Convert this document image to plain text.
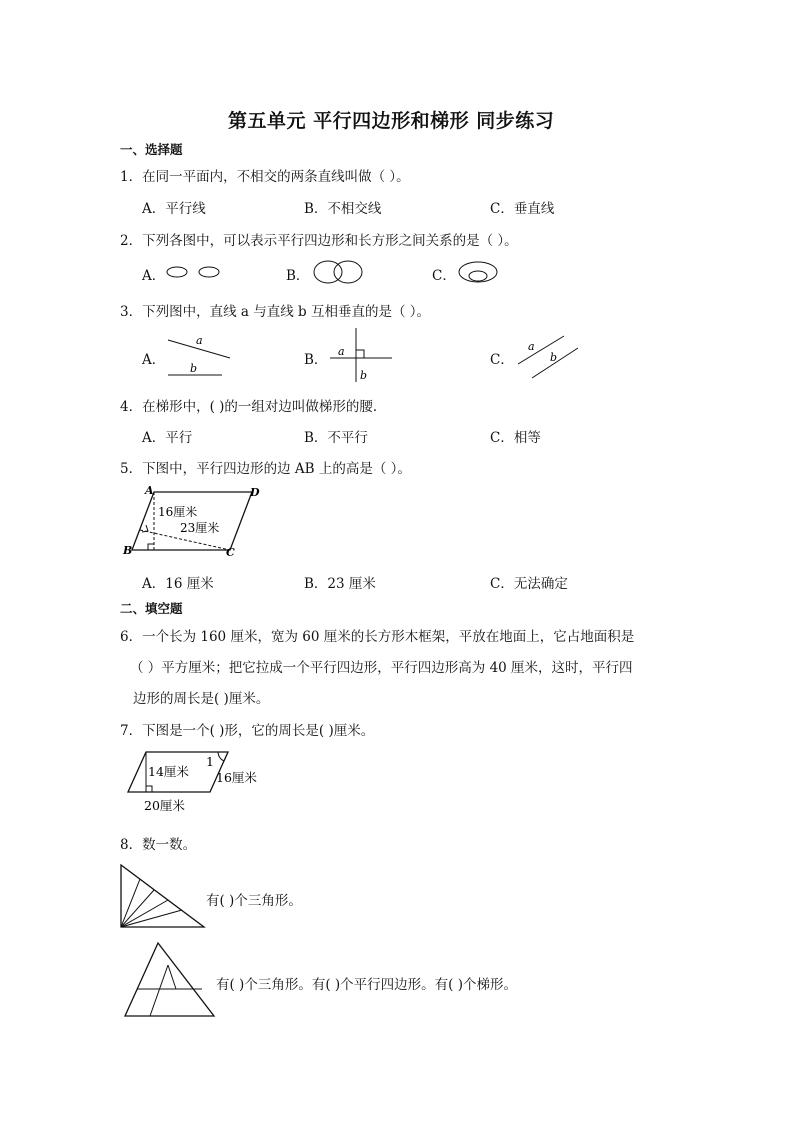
第五单元 平行四边形和梯形 同步练习
一、选择题
1．在同一平面内，不相交的两条直线叫做（ ）。
A．平行线	B．不相交线	C．垂直线
2．下列各图中，可以表示平行四边形和长方形之间关系的是（ ）。
A．	B．	C．
3．下列图中，直线 a 与直线 b 互相垂直的是（ ）。
A．
a
b
B．
a
b
C．
a
b
4．在梯形中，( )的一组对边叫做梯形的腰．
A．平行	B．不平行	C．相等
5．下图中，平行四边形的边 AB 上的高是（ ）。
A	D
B	C
16厘米
23厘米
A．16 厘米	B．23 厘米	C．无法确定
二、填空题
6．一个长为 160 厘米，宽为 60 厘米的长方形木框架，平放在地面上，它占地面积是
（ ）平方厘米；把它拉成一个平行四边形，平行四边形高为 40 厘米，这时，平行四
边形的周长是( )厘米。
7．下图是一个( )形，它的周长是( )厘米。
14厘米
1
16厘米
20厘米
8．数一数。
有( )个三角形。
有( )个三角形。有( )个平行四边形。有( )个梯形。
